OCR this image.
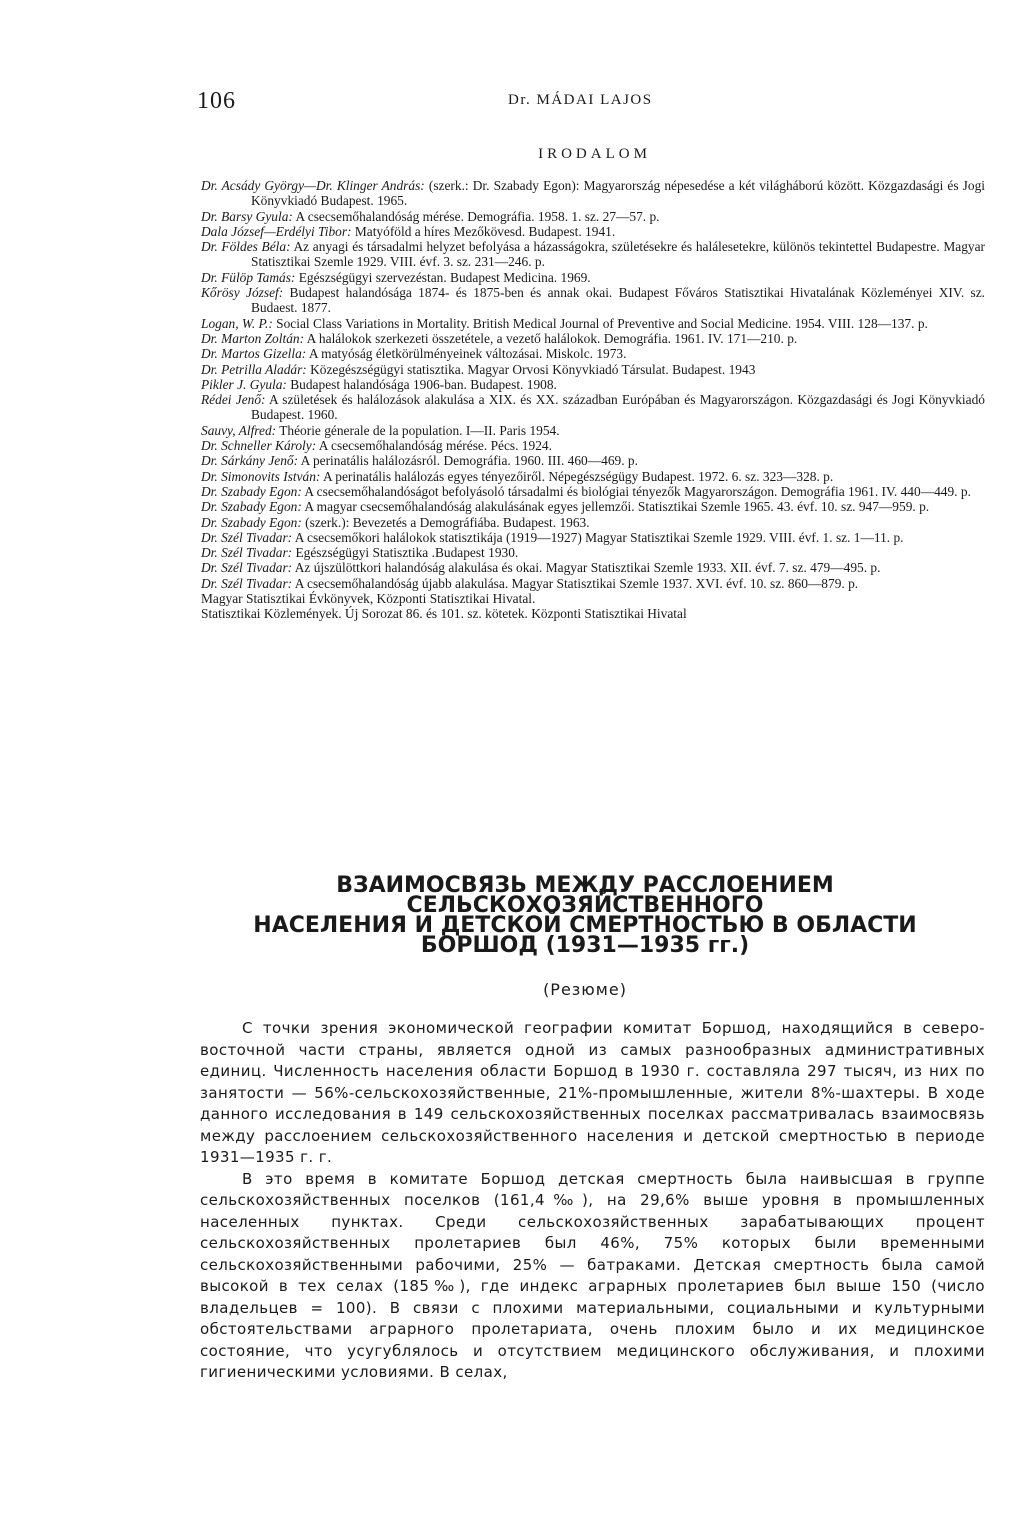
106	Dr. MÁDAI LAJOS
IRODALOM

Dr. Acsády György—Dr. Klinger András: (szerk.: Dr. Szabady Egon): Magyarország népesedése a két világháború között. Közgazdasági és Jogi Könyvkiadó Budapest. 1965.

Dr. Barsy Gyula: A csecsemőhalandóság mérése. Demográfia. 1958. 1. sz. 27—57. p.

Dala József—Erdélyi Tibor: Matyóföld a híres Mezőkövesd. Budapest. 1941.

Dr. Földes Béla: Az anyagi és társadalmi helyzet befolyása a házasságokra, születésekre és halálesetekre, különös tekintettel Budapestre. Magyar Statisztikai Szemle 1929. VIII. évf. 3. sz. 231—246. p.

Dr. Fülöp Tamás: Egészségügyi szervezéstan. Budapest Medicina. 1969.

Kőrösy József: Budapest halandósága 1874- és 1875-ben és annak okai. Budapest Főváros Statisztikai Hivatalának Közleményei XIV. sz. Budaest. 1877.

Logan, W. P.: Social Class Variations in Mortality. British Medical Journal of Preventive and Social Medicine. 1954. VIII. 128—137. p.

Dr. Marton Zoltán: A halálokok szerkezeti összetétele, a vezető halálokok. Demográfia. 1961. IV. 171—210. p.

Dr. Martos Gizella: A matyóság életkörülményeinek változásai. Miskolc. 1973.

Dr. Petrilla Aladár: Közegészségügyi statisztika. Magyar Orvosi Könyvkiadó Társulat. Budapest. 1943

Pikler J. Gyula: Budapest halandósága 1906-ban. Budapest. 1908.

Rédei Jenő: A születések és halálozások alakulása a XIX. és XX. században Európában és Magyarországon. Közgazdasági és Jogi Könyvkiadó Budapest. 1960.

Sauvy, Alfred: Théorie génerale de la population. I—II. Paris 1954.

Dr. Schneller Károly: A csecsemőhalandóság mérése. Pécs. 1924.

Dr. Sárkány Jenő: A perinatális halálozásról. Demográfia. 1960. III. 460—469. p.

Dr. Simonovits István: A perinatális halálozás egyes tényezőiről. Népegészségügy Budapest. 1972. 6. sz. 323—328. p.

Dr. Szabady Egon: A csecsemőhalandóságot befolyásoló társadalmi és biológiai tényezők Magyarországon. Demográfia 1961. IV. 440—449. p.

Dr. Szabady Egon: A magyar csecsemőhalandóság alakulásának egyes jellemzői. Statisztikai Szemle 1965. 43. évf. 10. sz. 947—959. p.

Dr. Szabady Egon: (szerk.): Bevezetés a Demográfiába. Budapest. 1963.

Dr. Szél Tivadar: A csecsemőkori halálokok statisztikája (1919—1927) Magyar Statisztikai Szemle 1929. VIII. évf. 1. sz. 1—11. p.

Dr. Szél Tivadar: Egészségügyi Statisztika .Budapest 1930.

Dr. Szél Tivadar: Az újszülöttkori halandóság alakulása és okai. Magyar Statisztikai Szemle 1933. XII. évf. 7. sz. 479—495. p.

Dr. Szél Tivadar: A csecsemőhalandóság újabb alakulása. Magyar Statisztikai Szemle 1937. XVI. évf. 10. sz. 860—879. p.

Magyar Statisztikai Évkönyvek, Központi Statisztikai Hivatal.

Statisztikai Közlemények. Új Sorozat 86. és 101. sz. kötetek. Központi Statisztikai Hivatal

ВЗАИМОСВЯЗЬ МЕЖДУ РАССЛОЕНИЕМ
СЕЛЬСКОХОЗЯЙСТВЕННОГО
НАСЕЛЕНИЯ И ДЕТСКОЙ СМЕРТНОСТЬЮ В ОБЛАСТИ
БОРШОД (1931—1935 гг.)
(Резюме)

С точки зрения экономической географии комитат Боршод, находящийся в северо-восточной части страны, является одной из самых разнообразных административных единиц. Численность населения области Боршод в 1930 г. составляла 297 тысяч, из них по занятости — 56%-сельскохозяйственные, 21%-промышленные, жители 8%-шахтеры. В ходе данного исследования в 149 сельскохозяйственных поселках рассматривалась взаимосвязь между расслоением сельскохозяйственного населения и детской смертностью в периоде 1931—1935 г. г.

В это время в комитате Боршод детская смертность была наивысшая в группе сельскохозяйственных поселков (161,4‰), на 29,6% выше уровня в промышленных населенных пунктах. Среди сельскохозяйственных зарабатывающих процент сельскохозяйственных пролетариев был 46%, 75% которых были временными сельскохозяйственными рабочими, 25% — батраками. Детская смертность была самой высокой в тех селах (185‰), где индекс аграрных пролетариев был выше 150 (число владельцев = 100). В связи с плохими материальными, социальными и культурными обстоятельствами аграрного пролетариата, очень плохим было и их медицинское состояние, что усугублялось и отсутствием медицинского обслуживания, и плохими гигиеническими условиями. В селах,
